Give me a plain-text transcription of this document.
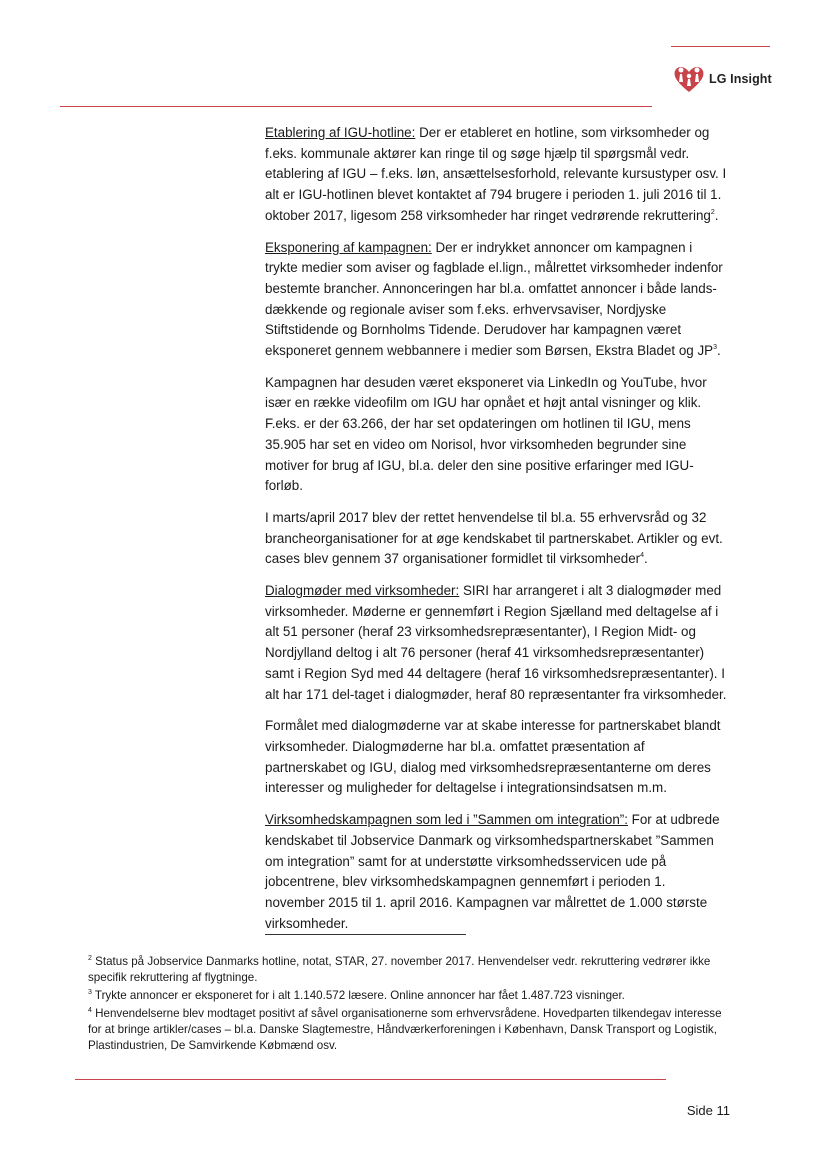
LG Insight

Etablering af IGU-hotline: Der er etableret en hotline, som virksomheder og f.eks. kommunale aktører kan ringe til og søge hjælp til spørgsmål vedr. etablering af IGU – f.eks. løn, ansættelsesforhold, relevante kursustyper osv. I alt er IGU-hotlinen blevet kontaktet af 794 brugere i perioden 1. juli 2016 til 1. oktober 2017, ligesom 258 virksomheder har ringet vedrørende rekruttering$^2$.

Eksponering af kampagnen: Der er indrykket annoncer om kampagnen i trykte medier som aviser og fagblade el.lign., målrettet virksomheder indenfor bestemte brancher. Annonceringen har bl.a. omfattet annoncer i både lands-dækkende og regionale aviser som f.eks. erhvervsaviser, Nordjyske Stiftstidende og Bornholms Tidende. Derudover har kampagnen været eksponeret gennem webbannere i medier som Børsen, Ekstra Bladet og $JP^3$.

Kampagnen har desuden været eksponeret via LinkedIn og YouTube, hvor især en række videofilm om IGU har opnået et højt antal visninger og klik. F.eks. er der 63.266, der har set opdateringen om hotlinen til IGU, mens 35.905 har set en video om Norisol, hvor virksomheden begrunder sine motiver for brug af IGU, bl.a. deler den sine positive erfaringer med IGU-forløb.

I marts/april 2017 blev der rettet henvendelse til bl.a. 55 erhvervsråd og 32 brancheorganisationer for at øge kendskabet til partnerskabet. Artikler og evt. cases blev gennem 37 organisationer formidlet til virksomheder$^4$.

Dialogmøder med virksomheder: SIRI har arrangeret i alt 3 dialogmøder med virksomheder. Møderne er gennemført i Region Sjælland med deltagelse af i alt 51 personer (heraf 23 virksomhedsrepræsentanter), I Region Midt- og Nordjylland deltog i alt 76 personer (heraf 41 virksomhedsrepræsentanter) samt i Region Syd med 44 deltagere (heraf 16 virksomhedsrepræsentanter). I alt har 171 del-taget i dialogmøder, heraf 80 repræsentanter fra virksomheder.

Formålet med dialogmøderne var at skabe interesse for partnerskabet blandt virksomheder. Dialogmøderne har bl.a. omfattet præsentation af partnerskabet og IGU, dialog med virksomhedsrepræsentanterne om deres interesser og muligheder for deltagelse i integrationsindsatsen m.m.

Virksomhedskampagnen som led i ”Sammen om integration”: For at udbrede kendskabet til Jobservice Danmark og virksomhedspartnerskabet ”Sammen om integration” samt for at understøtte virksomhedsservicen ude på jobcentrene, blev virksomhedskampagnen gennemført i perioden 1. november 2015 til 1. april 2016. Kampagnen var målrettet de 1.000 største virksomheder.

$^2$ Status på Jobservice Danmarks hotline, notat, STAR, 27. november 2017. Henvendelser vedr. rekruttering vedrører ikke specifik rekruttering af flygtninge.

$^3$ Trykte annoncer er eksponeret for i alt 1.140.572 læsere. Online annoncer har fået 1.487.723 visninger.

$^4$ Henvendelserne blev modtaget positivt af såvel organisationerne som erhvervsrådene. Hovedparten tilkendegav interesse for at bringe artikler/cases – bl.a. Danske Slagtemestre, Håndværkerforeningen i København, Dansk Transport og Logistik, Plastindustrien, De Samvirkende Købmænd osv.

Side 11
